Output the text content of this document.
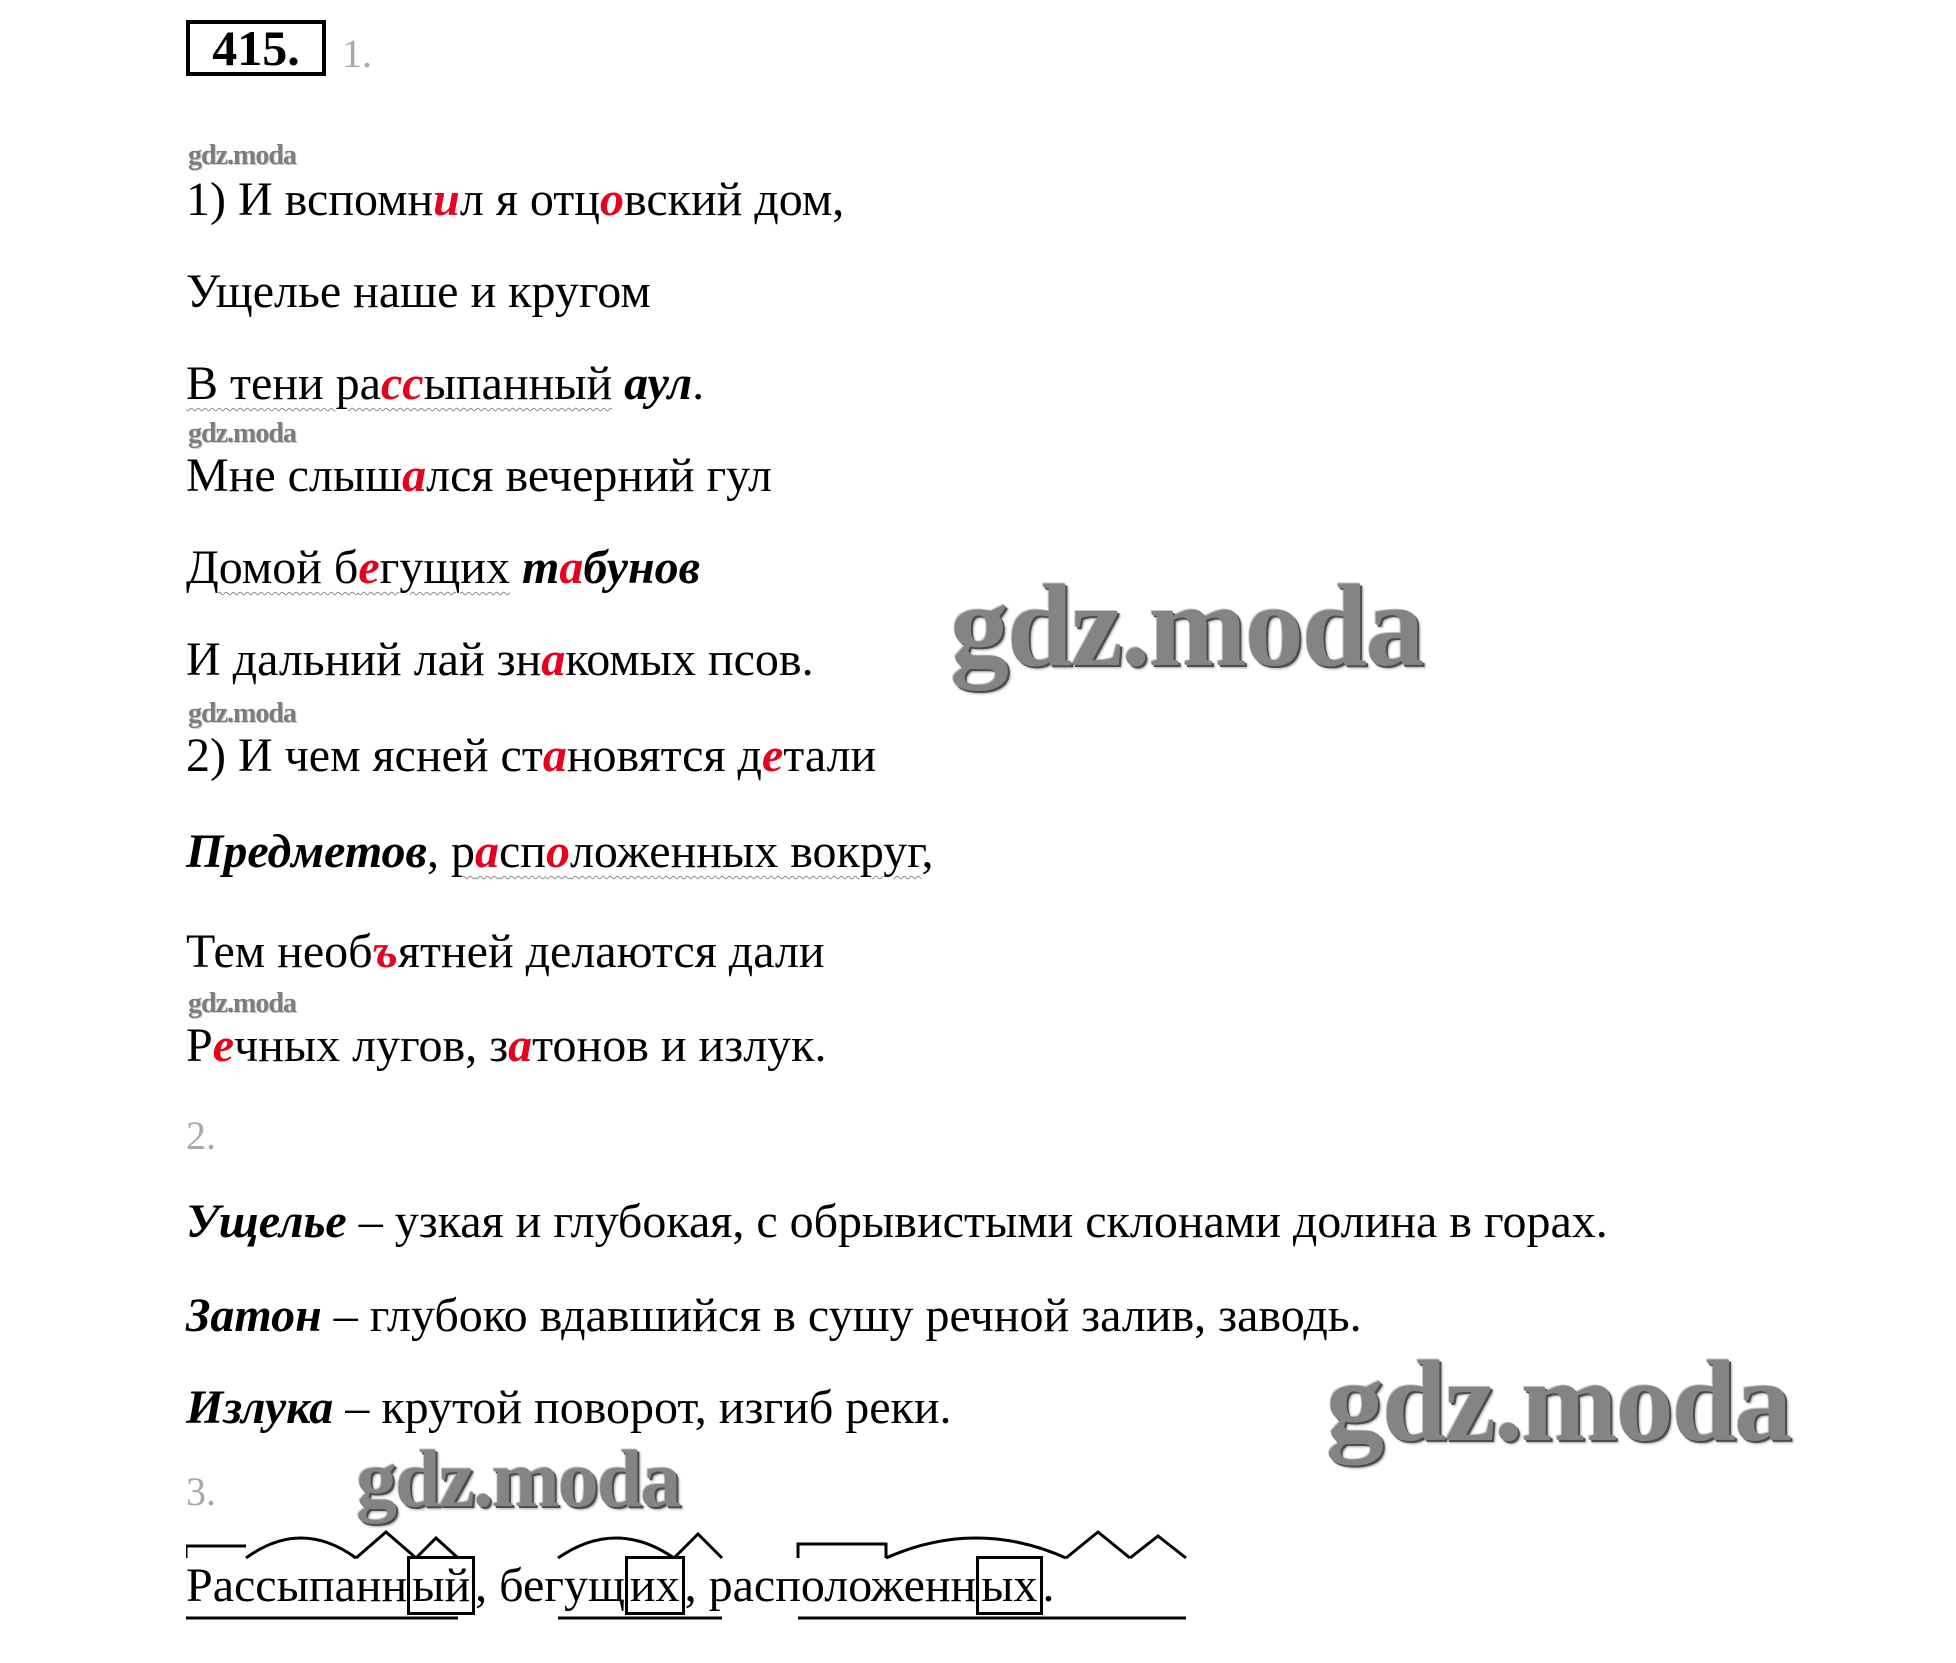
415.	1.
gdz.moda
gdz.moda
gdz.moda
gdz.moda
1) И вспомнил я отцовский дом,
Ущелье наше и кругом
В тени рассыпанный аул.
Мне слышался вечерний гул
Домой бегущих табунов
И дальний лай знакомых псов.
2) И чем ясней становятся детали
Предметов, расположенных вокруг,
Тем необъятней делаются дали
Речных лугов, затонов и излук.
2.
Ущелье – узкая и глубокая, с обрывистыми склонами долина в горах.
Затон – глубоко вдавшийся в сушу речной залив, заводь.
Излука – крутой поворот, изгиб реки.
3.
Рассыпанн ый , бегущ их , расположенн ых .
gdz.moda
gdz.moda
gdz.moda
